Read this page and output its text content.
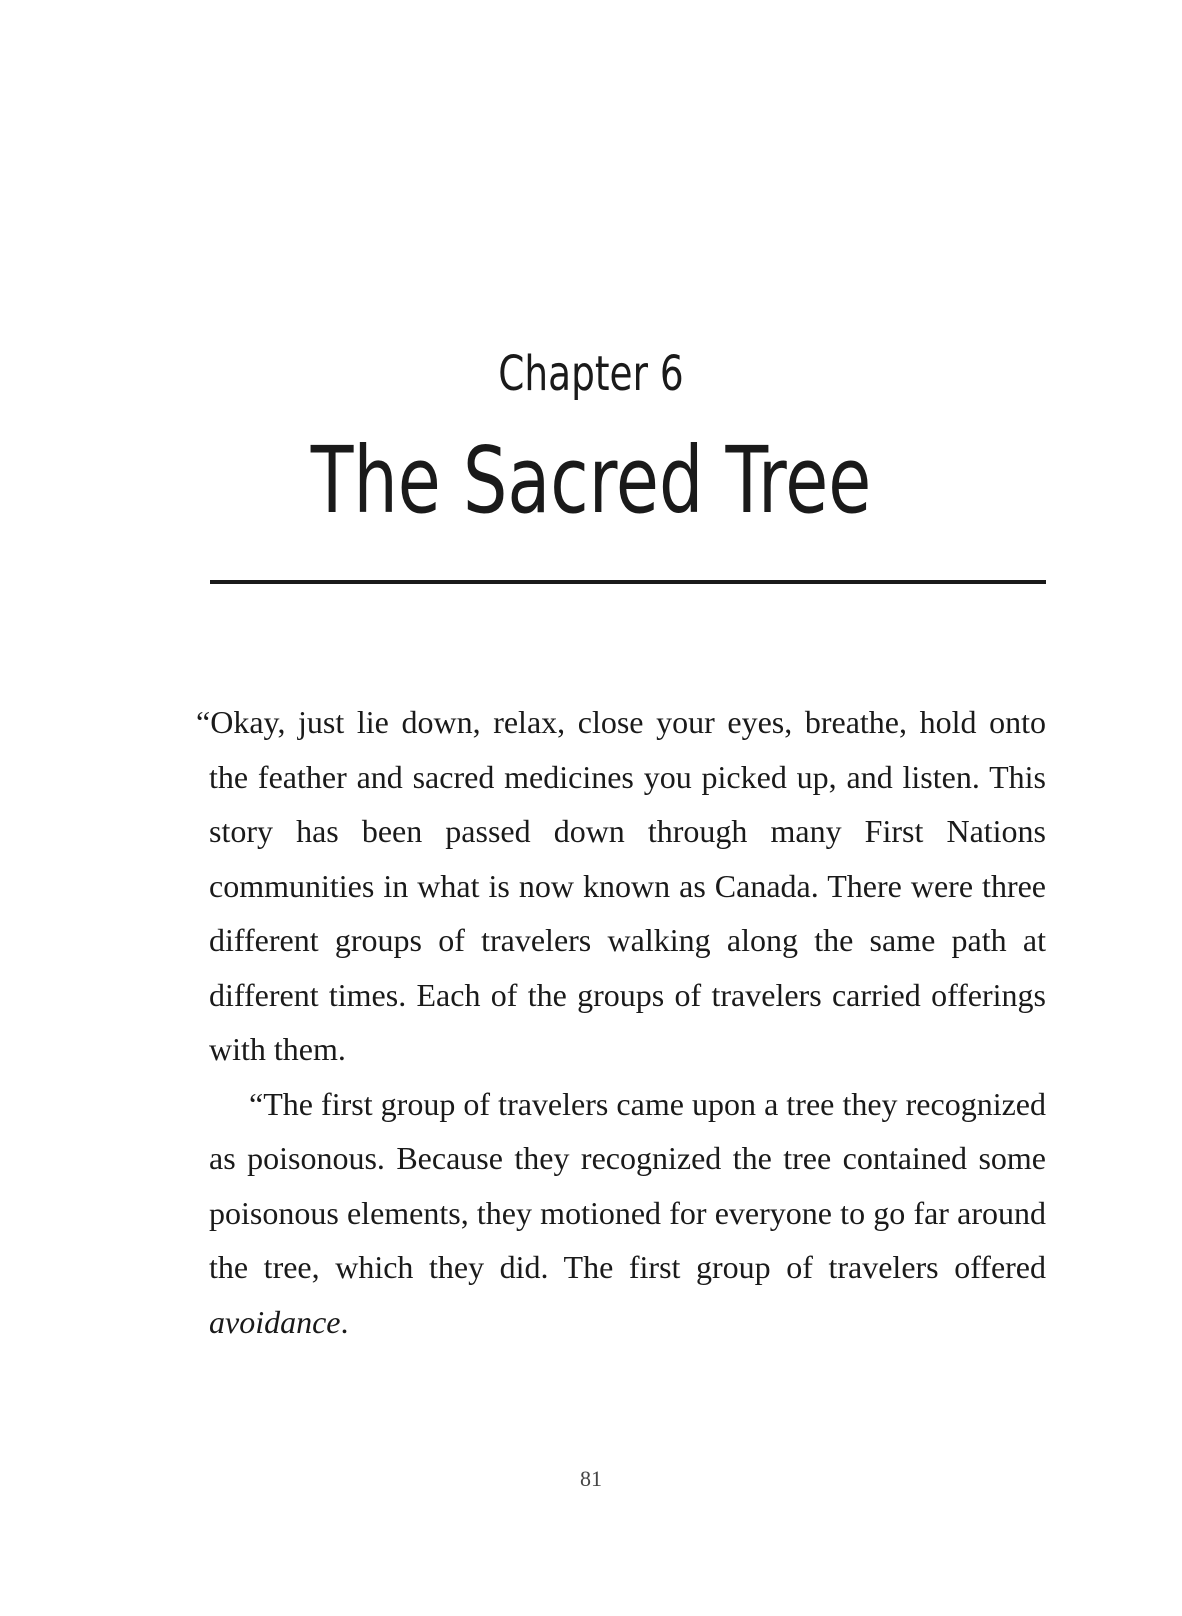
Chapter 6
The Sacred Tree

“Okay, just lie down, relax, close your eyes, breathe, hold onto the feather and sacred medicines you picked up, and listen. This story has been passed down through many First Nations communities in what is now known as Canada. There were three different groups of travelers walking along the same path at different times. Each of the groups of travelers carried offerings with them.

“The first group of travelers came upon a tree they recognized as poisonous. Because they recognized the tree contained some poisonous elements, they motioned for everyone to go far around the tree, which they did. The first group of travelers offered avoidance.

81
